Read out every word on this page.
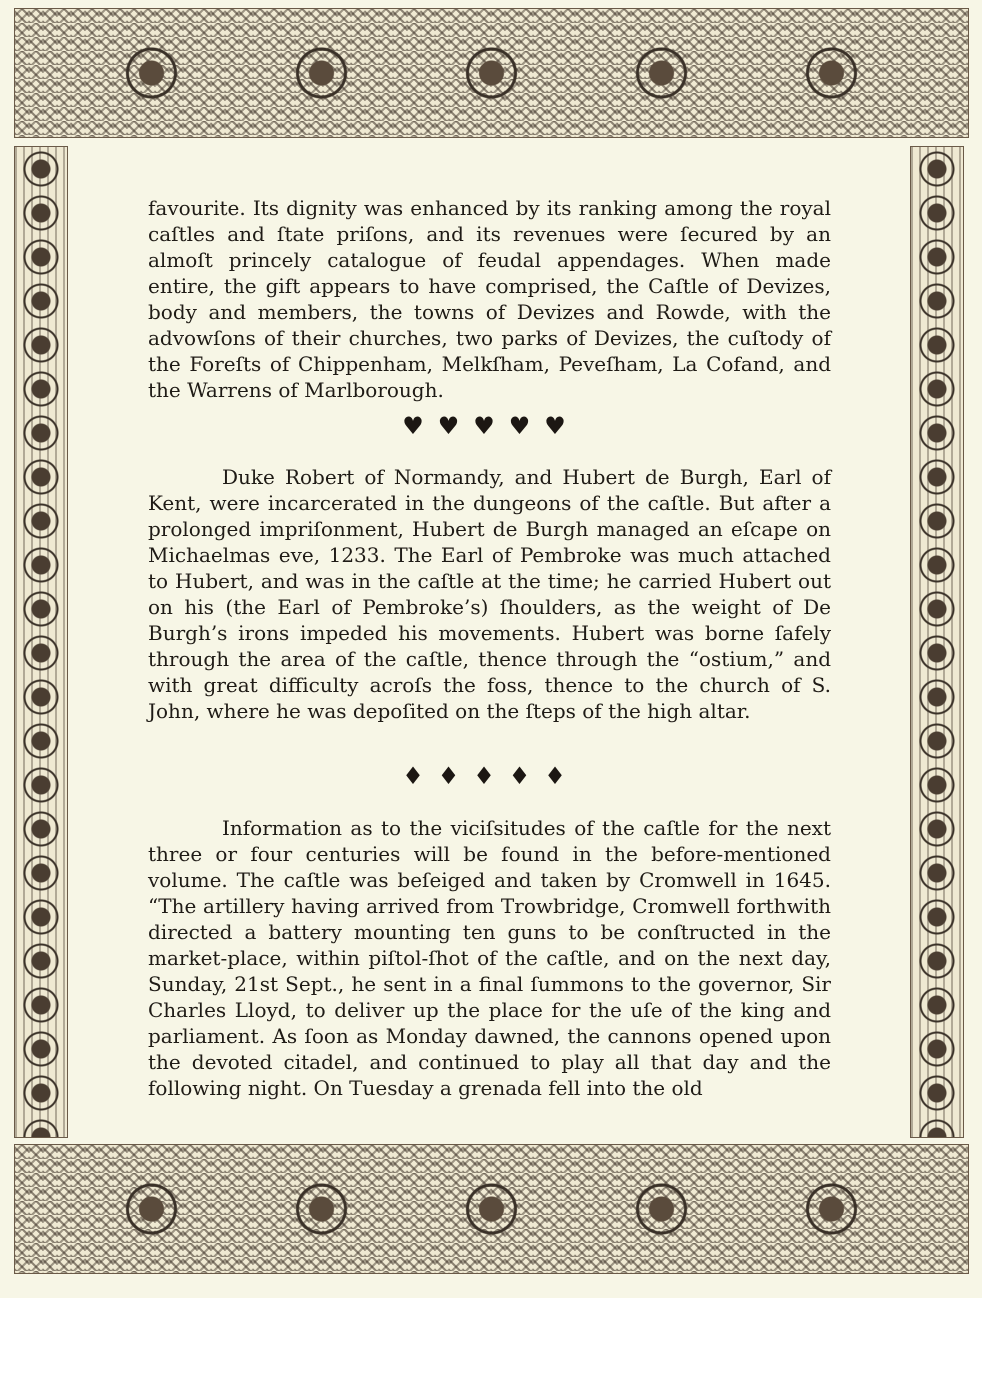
favourite. Its dignity was enhanced by its ranking among the royal caſtles and ſtate priſons, and its revenues were ſecured by an almoſt princely catalogue of feudal appendages. When made entire, the gift appears to have comprised, the Caſtle of Devizes, body and members, the towns of Devizes and Rowde, with the advowſons of their churches, two parks of Devizes, the cuſtody of the Foreſts of Chippenham, Melkſham, Peveſham, La Cofand, and the Warrens of Marlborough.

♥♥♥♥♥

Duke Robert of Normandy, and Hubert de Burgh, Earl of Kent, were incarcerated in the dungeons of the caſtle. But after a prolonged impriſonment, Hubert de Burgh managed an eſcape on Michaelmas eve, 1233. The Earl of Pembroke was much attached to Hubert, and was in the caſtle at the time; he carried Hubert out on his (the Earl of Pembroke’s) ſhoulders, as the weight of De Burgh’s irons impeded his movements. Hubert was borne ſafely through the area of the caſtle, thence through the “ostium,” and with great difficulty acroſs the foss, thence to the church of S. John, where he was depoſited on the ſteps of the high altar.

♦♦♦♦♦

Information as to the viciſsitudes of the caſtle for the next three or four centuries will be found in the before-mentioned volume. The caſtle was beſeiged and taken by Cromwell in 1645. “The artillery having arrived from Trowbridge, Cromwell forthwith directed a battery mounting ten guns to be conſtructed in the market-place, within piſtol-ſhot of the caſtle, and on the next day, Sunday, 21st Sept., he sent in a final ſummons to the governor, Sir Charles Lloyd, to deliver up the place for the uſe of the king and parliament. As ſoon as Monday dawned, the cannons opened upon the devoted citadel, and continued to play all that day and the following night. On Tuesday a grenada fell into the old
